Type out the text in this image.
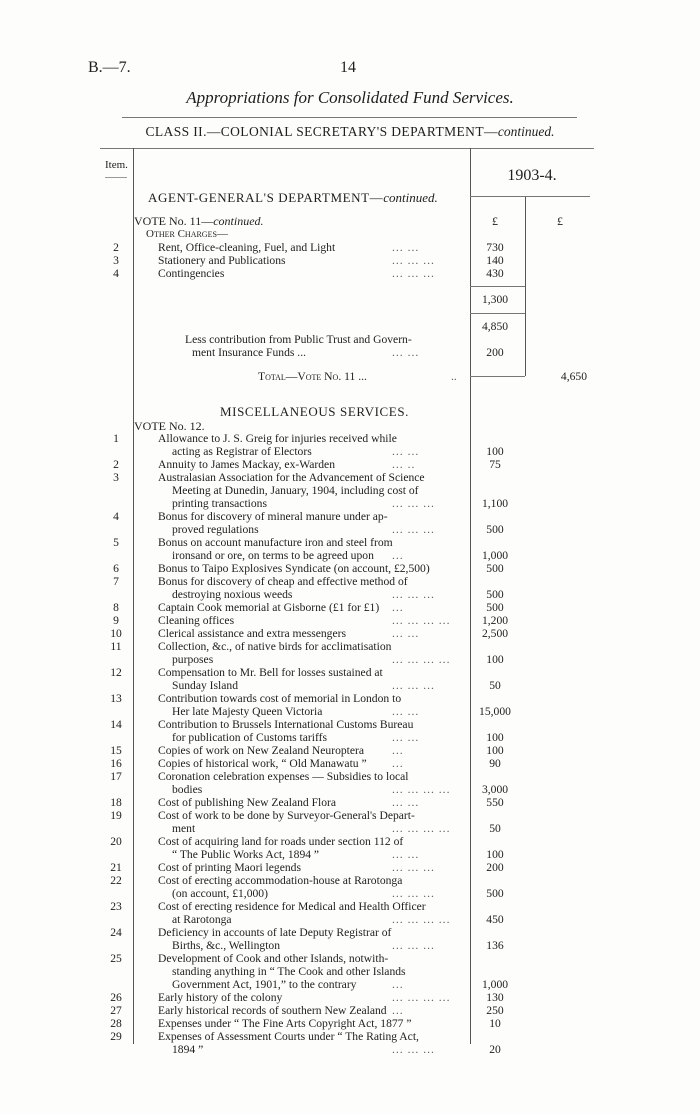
B.—7.	14
Appropriations for Consolidated Fund Services.
CLASS II.—COLONIAL SECRETARY'S DEPARTMENT—continued.
Item.
1903-4.
AGENT-GENERAL'S DEPARTMENT—continued.
VOTE No. 11—continued.	£	£
Other Charges—
2	Rent, Office-cleaning, Fuel, and Light	... ...	730
3	Stationery and Publications	... ... ...	140
4	Contingencies	... ... ...	430
1,300
4,850
Less contribution from Public Trust and Govern-
ment Insurance Funds ...	... ...	200
Total—Vote No. 11 ...	..	4,650
MISCELLANEOUS SERVICES.
VOTE No. 12.
1	Allowance to J. S. Greig for injuries received while
acting as Registrar of Electors	... ...	100
2	Annuity to James Mackay, ex-Warden	... ..	75
3	Australasian Association for the Advancement of Science
Meeting at Dunedin, January, 1904, including cost of
printing transactions	... ... ...	1,100
4	Bonus for discovery of mineral manure under ap-
proved regulations	... ... ...	500
5	Bonus on account manufacture iron and steel from
ironsand or ore, on terms to be agreed upon ...	1,000
6	Bonus to Taipo Explosives Syndicate (on account, £2,500)	500
7	Bonus for discovery of cheap and effective method of
destroying noxious weeds	... ... ...	500
8	Captain Cook memorial at Gisborne (£1 for £1) ...	500
9	Cleaning offices	... ... ... ...	1,200
10	Clerical assistance and extra messengers	... ...	2,500
11	Collection, &c., of native birds for acclimatisation
purposes	... ... ... ...	100
12	Compensation to Mr. Bell for losses sustained at
Sunday Island	... ... ...	50
13	Contribution towards cost of memorial in London to
Her late Majesty Queen Victoria	... ...	15,000
14	Contribution to Brussels International Customs Bureau
for publication of Customs tariffs	... ...	100
15	Copies of work on New Zealand Neuroptera ...	100
16	Copies of historical work, “ Old Manawatu ” ...	90
17	Coronation celebration expenses — Subsidies to local
bodies	... ... ... ...	3,000
18	Cost of publishing New Zealand Flora	... ...	550
19	Cost of work to be done by Surveyor-General's Depart-
ment	... ... ... ...	50
20	Cost of acquiring land for roads under section 112 of
“ The Public Works Act, 1894 ”	... ...	100
21	Cost of printing Maori legends	... ... ...	200
22	Cost of erecting accommodation-house at Rarotonga
(on account, £1,000)	... ... ...	500
23	Cost of erecting residence for Medical and Health Officer
at Rarotonga	... ... ... ...	450
24	Deficiency in accounts of late Deputy Registrar of
Births, &c., Wellington	... ... ...	136
25	Development of Cook and other Islands, notwith-
standing anything in “ The Cook and other Islands
Government Act, 1901,” to the contrary	...	1,000
26	Early history of the colony	... ... ... ...	130
27	Early historical records of southern New Zealand ...	250
28	Expenses under “ The Fine Arts Copyright Act, 1877 ”	10
29	Expenses of Assessment Courts under “ The Rating Act,
1894 ”	... ... ...	20
